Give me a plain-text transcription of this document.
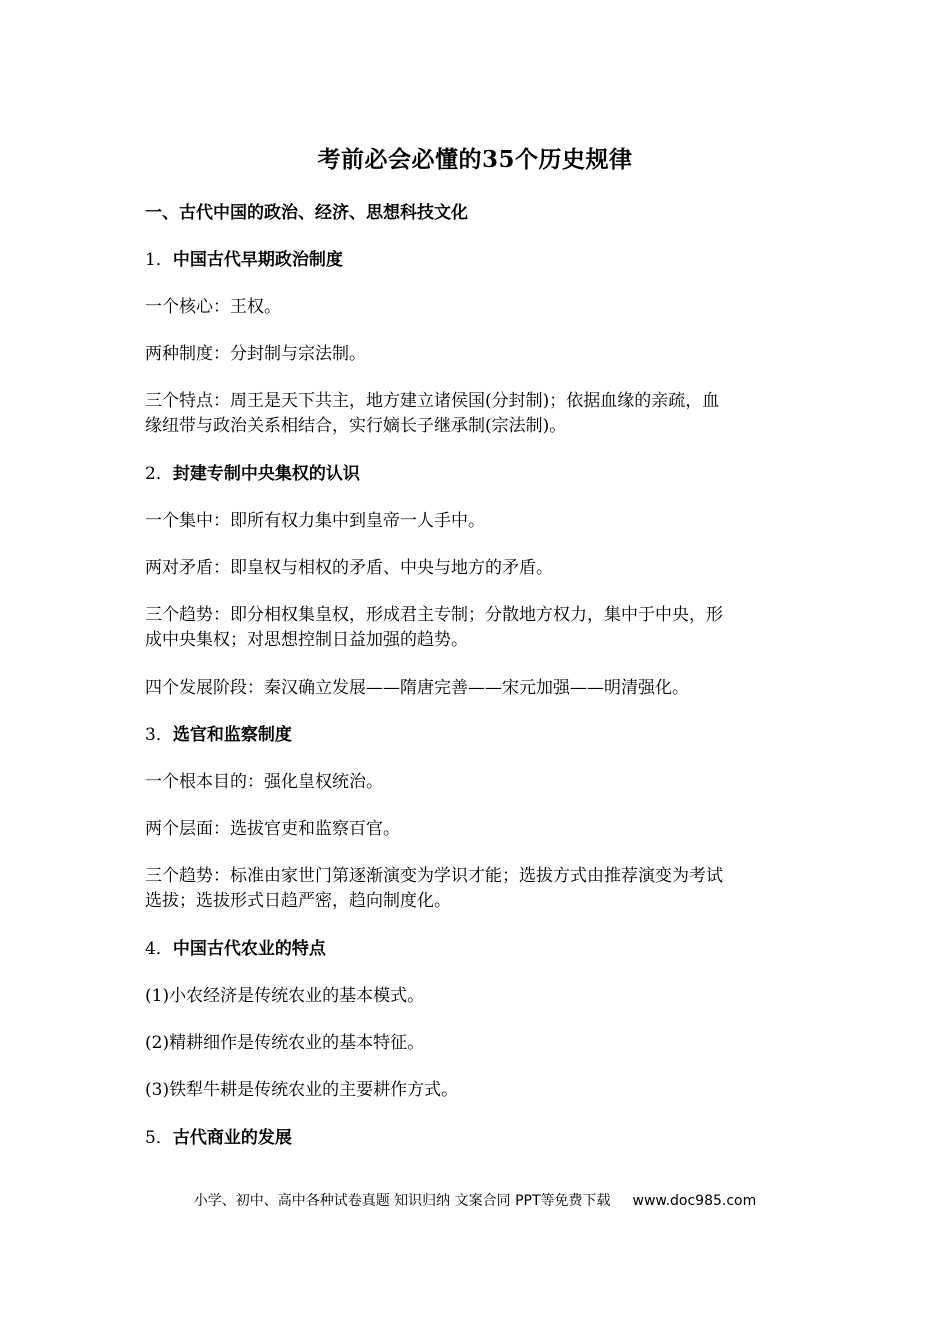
考前必会必懂的35个历史规律
一、古代中国的政治、经济、思想科技文化
1．中国古代早期政治制度
一个核心：王权。
两种制度：分封制与宗法制。
三个特点：周王是天下共主，地方建立诸侯国(分封制)；依据血缘的亲疏，血
缘纽带与政治关系相结合，实行嫡长子继承制(宗法制)。
2．封建专制中央集权的认识
一个集中：即所有权力集中到皇帝一人手中。
两对矛盾：即皇权与相权的矛盾、中央与地方的矛盾。
三个趋势：即分相权集皇权，形成君主专制；分散地方权力，集中于中央，形
成中央集权；对思想控制日益加强的趋势。
四个发展阶段：秦汉确立发展——隋唐完善——宋元加强——明清强化。
3．选官和监察制度
一个根本目的：强化皇权统治。
两个层面：选拔官吏和监察百官。
三个趋势：标准由家世门第逐渐演变为学识才能；选拔方式由推荐演变为考试
选拔；选拔形式日趋严密，趋向制度化。
4．中国古代农业的特点
(1)小农经济是传统农业的基本模式。
(2)精耕细作是传统农业的基本特征。
(3)铁犁牛耕是传统农业的主要耕作方式。
5．古代商业的发展
小学、初中、高中各种试卷真题 知识归纳 文案合同 PPT等免费下载 www.doc985.com
